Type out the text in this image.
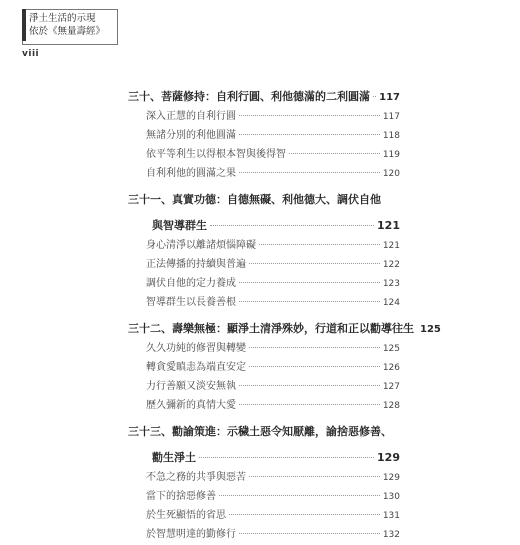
淨土生活的示現
依於《無量壽經》
viii
三十、菩薩修持：自利行圓、利他德滿的二利圓滿 117
深入正慧的自利行圓	117
無諸分別的利他圓滿	118
依平等利生以得根本智與後得智	119
自利利他的圓滿之果	120
三十一、真實功德：自德無礙、利他德大、調伏自他
與智導群生	121
身心清淨以離諸煩惱障礙	121
正法傳播的持續與普遍	122
調伏自他的定力養成	123
智導群生以長養善根	124
三十二、壽樂無極：顯淨土清淨殊妙，行道和正以勸導往生 125
久久功純的修習與轉變	125
轉貪愛瞋恚為端直安定	126
力行善願又淡安無執	127
歷久彌新的真情大愛	128
三十三、勸諭策進：示穢土惡令知厭離，諭捨惡修善、
勸生淨土	129
不急之務的共爭與惡苦	129
當下的捨惡修善	130
於生死顯悟的省思	131
於智慧明達的勤修行	132
